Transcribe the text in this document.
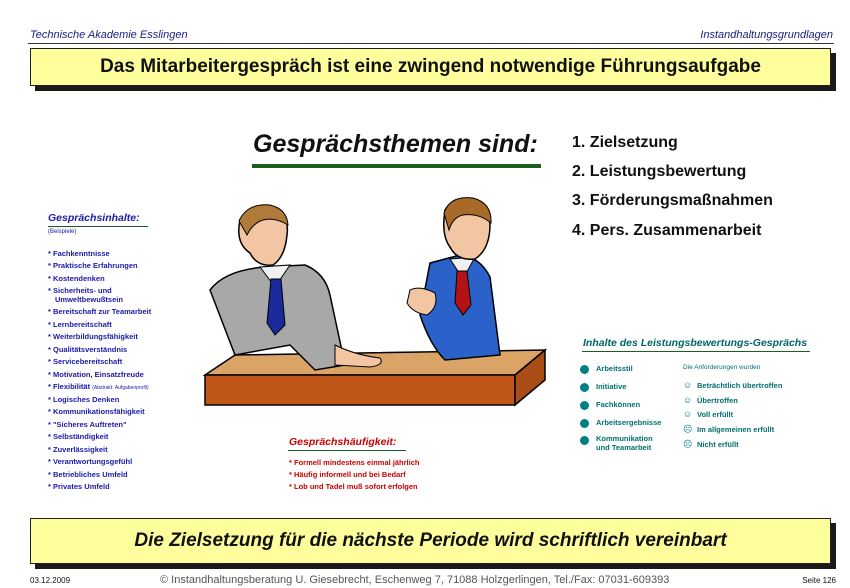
Technische Akademie Esslingen	Instandhaltungsgrundlagen
Das Mitarbeitergespräch ist eine zwingend notwendige Führungsaufgabe
Gesprächsthemen sind: 1. Zielsetzung
2. Leistungsbewertung
3. Förderungsmaßnahmen
4. Pers. Zusammenarbeit
Gesprächsinhalte:
(Beispiele)
* Fachkenntnisse
* Praktische Erfahrungen
* Kostendenken
* Sicherheits- und
Umweltbewußtsein
* Bereitschaft zur Teamarbeit
* Lernbereitschaft
* Weiterbildungsfähigkeit
* Qualitätsverständnis
* Servicebereitschaft
* Motivation, Einsatzfreude
* Flexibilität (Abstrakt: Aufgabenprofil)
* Logisches Denken
* Kommunikationsfähigkeit
* "Sicheres Auftreten"
* Selbständigkeit
* Zuverlässigkeit
* Verantwortungsgefühl
* Betriebliches Umfeld
* Privates Umfeld
Gesprächshäufigkeit:
* Formell mindestens einmal jährlich
* Häufig informell und bei Bedarf
* Lob und Tadel muß sofort erfolgen
Inhalte des Leistungsbewertungs-Gesprächs
Arbeitsstil
Initiative
Fachkönnen
Arbeitsergebnisse
Kommunikation
und Teamarbeit
Die Anforderungen wurden
☺ Beträchtlich übertroffen
☺ Übertroffen
☺ Voll erfüllt
☹ Im allgemeinen erfüllt
☹ Nicht erfüllt
Die Zielsetzung für die nächste Periode wird schriftlich vereinbart
03.12.2009	© Instandhaltungsberatung U. Giesebrecht, Eschenweg 7, 71088 Holzgerlingen, Tel./Fax: 07031-609393	Seite 126
